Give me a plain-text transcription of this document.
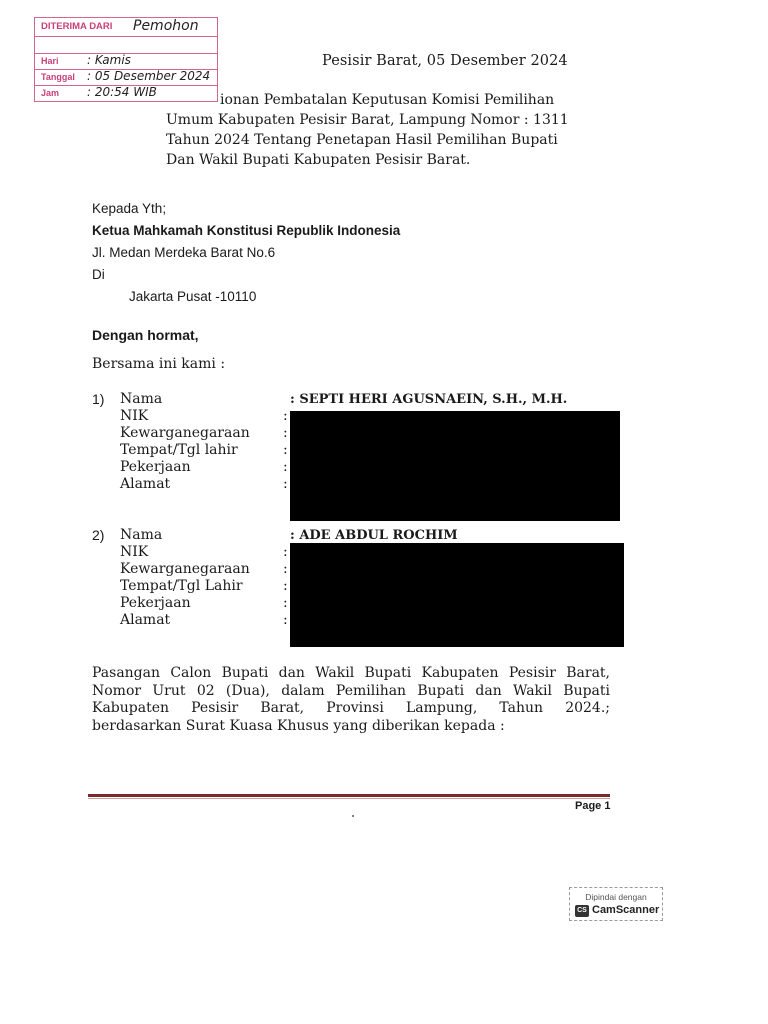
DITERIMA DARI Pemohon
Hari : Kamis
Tanggal : 05 Desember 2024
Jam : 20:54 WIB
Pesisir Barat, 05 Desember 2024
ionan Pembatalan Keputusan Komisi Pemilihan
Umum Kabupaten Pesisir Barat, Lampung Nomor : 1311
Tahun 2024 Tentang Penetapan Hasil Pemilihan Bupati
Dan Wakil Bupati Kabupaten Pesisir Barat.
Kepada Yth;
Ketua Mahkamah Konstitusi Republik Indonesia
Jl. Medan Merdeka Barat No.6
Di
Jakarta Pusat -10110
Dengan hormat,
Bersama ini kami :
1) Nama
NIK
Kewarganegaraan
Tempat/Tgl lahir
Pekerjaan
Alamat

:
:
:
:
:
: SEPTI HERI AGUSNAEIN, S.H., M.H.
2) Nama
NIK
Kewarganegaraan
Tempat/Tgl Lahir
Pekerjaan
Alamat

:
:
:
:
:
: ADE ABDUL ROCHIM
Pasangan Calon Bupati dan Wakil Bupati Kabupaten Pesisir Barat,
Nomor Urut 02 (Dua), dalam Pemilihan Bupati dan Wakil Bupati
Kabupaten Pesisir Barat, Provinsi Lampung, Tahun 2024.;
berdasarkan Surat Kuasa Khusus yang diberikan kepada :
Page 1
Dipindai dengan
CS CamScanner
